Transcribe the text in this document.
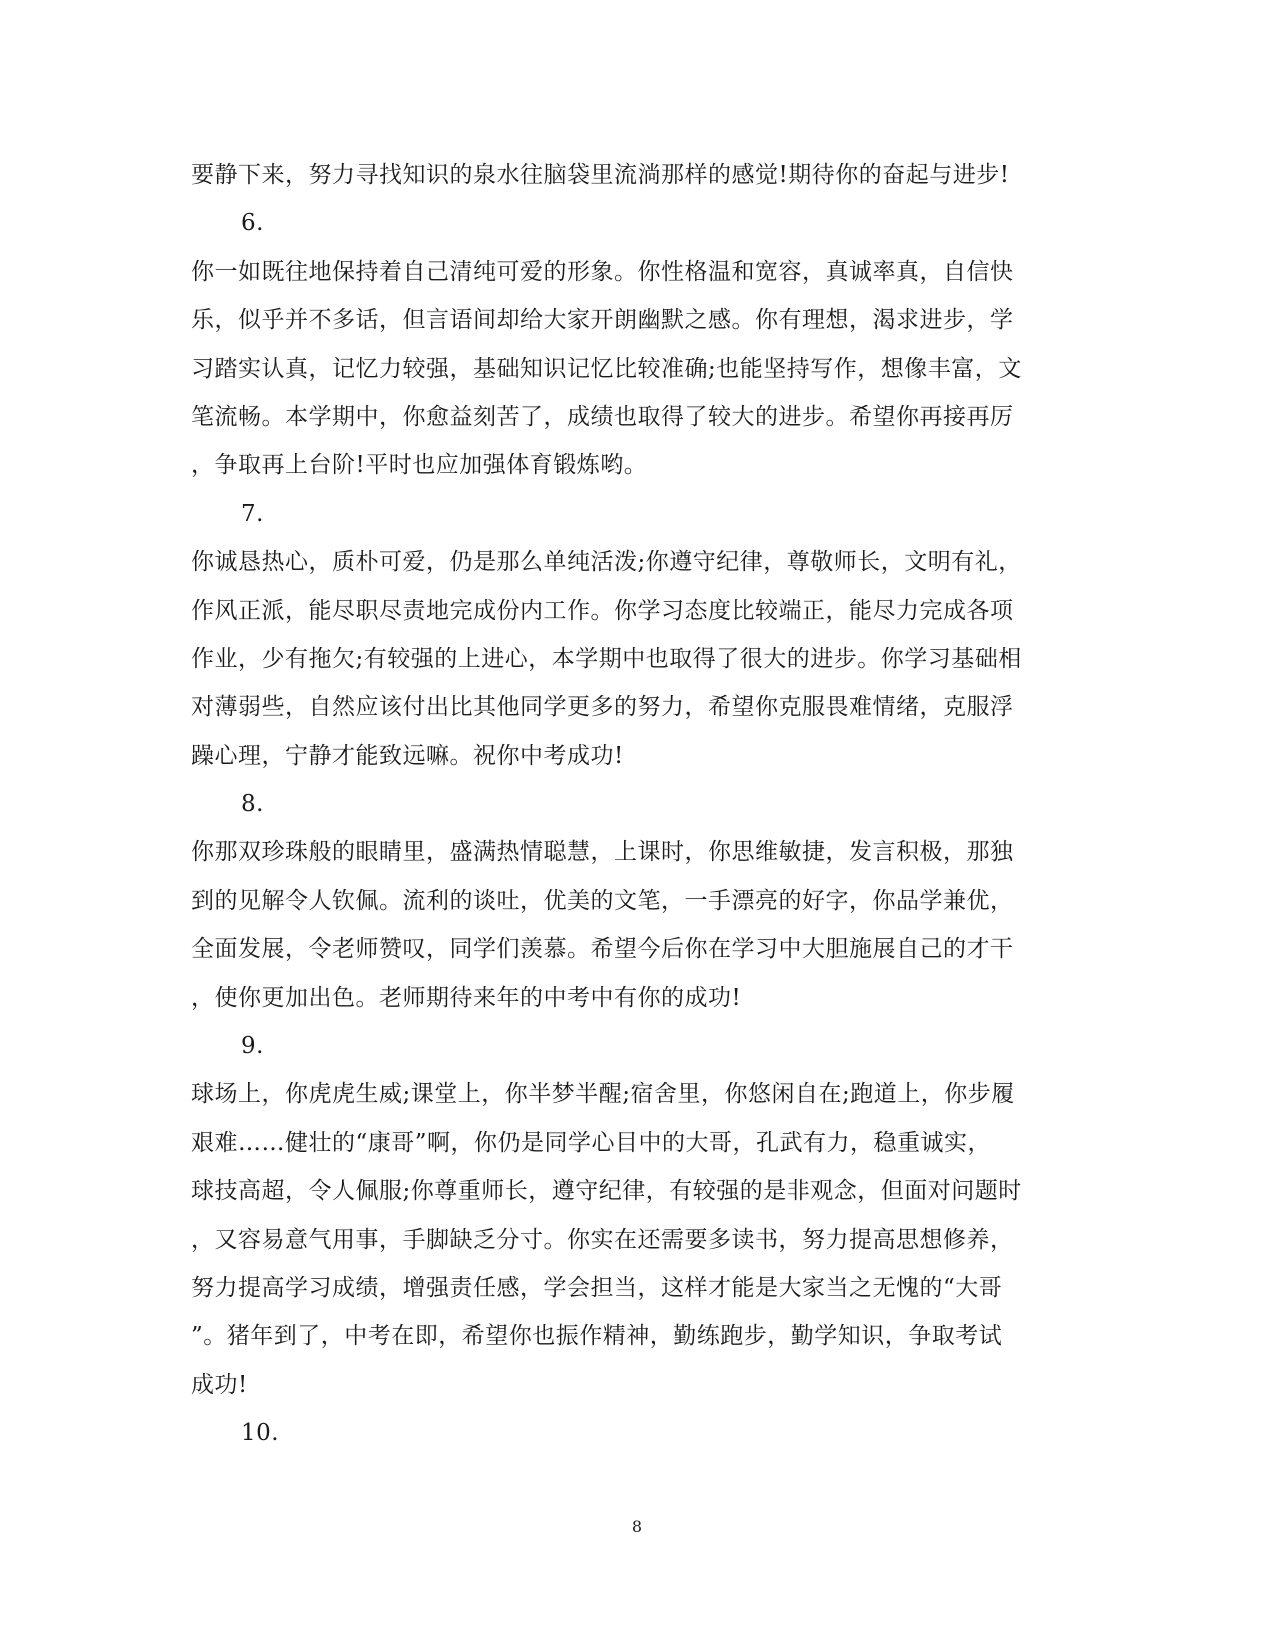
要静下来，努力寻找知识的泉水往脑袋里流淌那样的感觉!期待你的奋起与进步!
6.
你一如既往地保持着自己清纯可爱的形象。你性格温和宽容，真诚率真，自信快
乐，似乎并不多话，但言语间却给大家开朗幽默之感。你有理想，渴求进步，学
习踏实认真，记忆力较强，基础知识记忆比较准确;也能坚持写作，想像丰富，文
笔流畅。本学期中，你愈益刻苦了，成绩也取得了较大的进步。希望你再接再厉
，争取再上台阶!平时也应加强体育锻炼哟。
7.
你诚恳热心，质朴可爱，仍是那么单纯活泼;你遵守纪律，尊敬师长，文明有礼，
作风正派，能尽职尽责地完成份内工作。你学习态度比较端正，能尽力完成各项
作业，少有拖欠;有较强的上进心，本学期中也取得了很大的进步。你学习基础相
对薄弱些，自然应该付出比其他同学更多的努力，希望你克服畏难情绪，克服浮
躁心理，宁静才能致远嘛。祝你中考成功!
8.
你那双珍珠般的眼睛里，盛满热情聪慧，上课时，你思维敏捷，发言积极，那独
到的见解令人钦佩。流利的谈吐，优美的文笔，一手漂亮的好字，你品学兼优，
全面发展，令老师赞叹，同学们羡慕。希望今后你在学习中大胆施展自己的才干
，使你更加出色。老师期待来年的中考中有你的成功!
9.
球场上，你虎虎生威;课堂上，你半梦半醒;宿舍里，你悠闲自在;跑道上，你步履
艰难……健壮的“康哥”啊，你仍是同学心目中的大哥，孔武有力，稳重诚实，
球技高超，令人佩服;你尊重师长，遵守纪律，有较强的是非观念，但面对问题时
，又容易意气用事，手脚缺乏分寸。你实在还需要多读书，努力提高思想修养，
努力提高学习成绩，增强责任感，学会担当，这样才能是大家当之无愧的“大哥
”。猪年到了，中考在即，希望你也振作精神，勤练跑步，勤学知识，争取考试
成功!
10.
8
